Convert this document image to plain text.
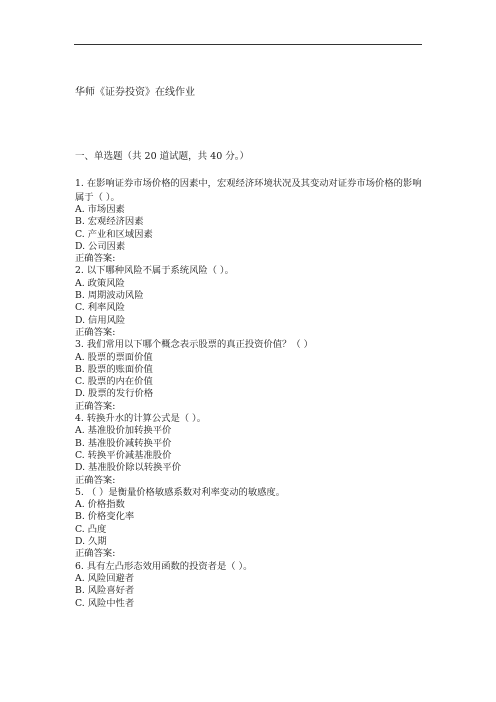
华师《证券投资》在线作业
一、单选题（共 20 道试题，共 40 分。）

1. 在影响证券市场价格的因素中，宏观经济环境状况及其变动对证券市场价格的影响属于（ ）。

A. 市场因素

B. 宏观经济因素

C. 产业和区域因素

D. 公司因素

正确答案:

2. 以下哪种风险不属于系统风险（ ）。

A. 政策风险

B. 周期波动风险

C. 利率风险

D. 信用风险

正确答案:

3. 我们常用以下哪个概念表示股票的真正投资价值？（ ）

A. 股票的票面价值

B. 股票的账面价值

C. 股票的内在价值

D. 股票的发行价格

正确答案:

4. 转换升水的计算公式是（ ）。

A. 基准股价加转换平价

B. 基准股价减转换平价

C. 转换平价减基准股价

D. 基准股价除以转换平价

正确答案:

5. （ ）是衡量价格敏感系数对利率变动的敏感度。

A. 价格指数

B. 价格变化率

C. 凸度

D. 久期

正确答案:

6. 具有左凸形态效用函数的投资者是（ ）。

A. 风险回避者

B. 风险喜好者

C. 风险中性者
